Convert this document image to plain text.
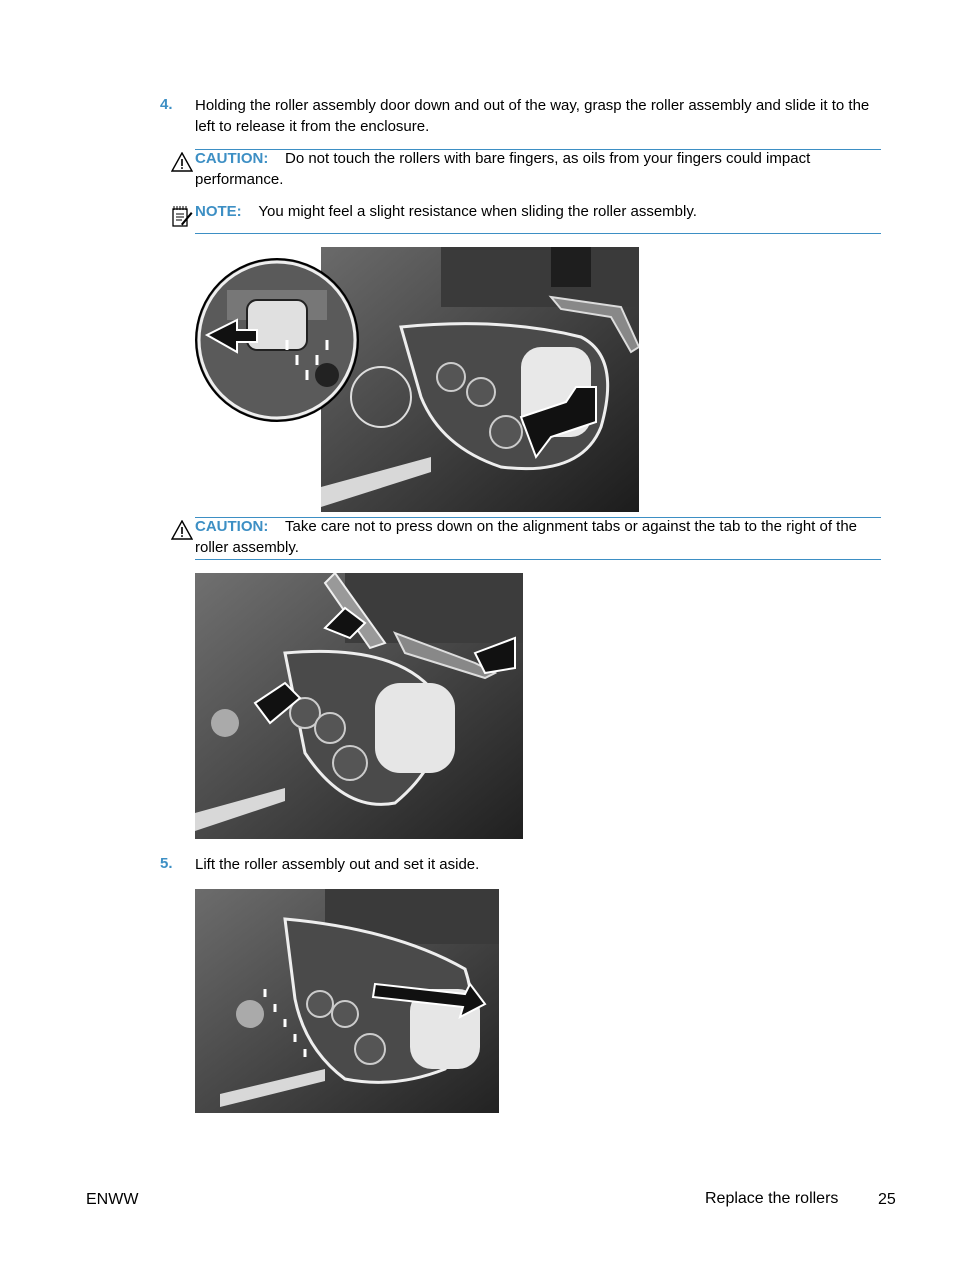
4. Holding the roller assembly door down and out of the way, grasp the roller assembly and slide it to the left to release it from the enclosure.
CAUTION: Do not touch the rollers with bare fingers, as oils from your fingers could impact performance.
NOTE: You might feel a slight resistance when sliding the roller assembly.
CAUTION: Take care not to press down on the alignment tabs or against the tab to the right of the roller assembly.
5. Lift the roller assembly out and set it aside.
ENWW	Replace the rollers 25
